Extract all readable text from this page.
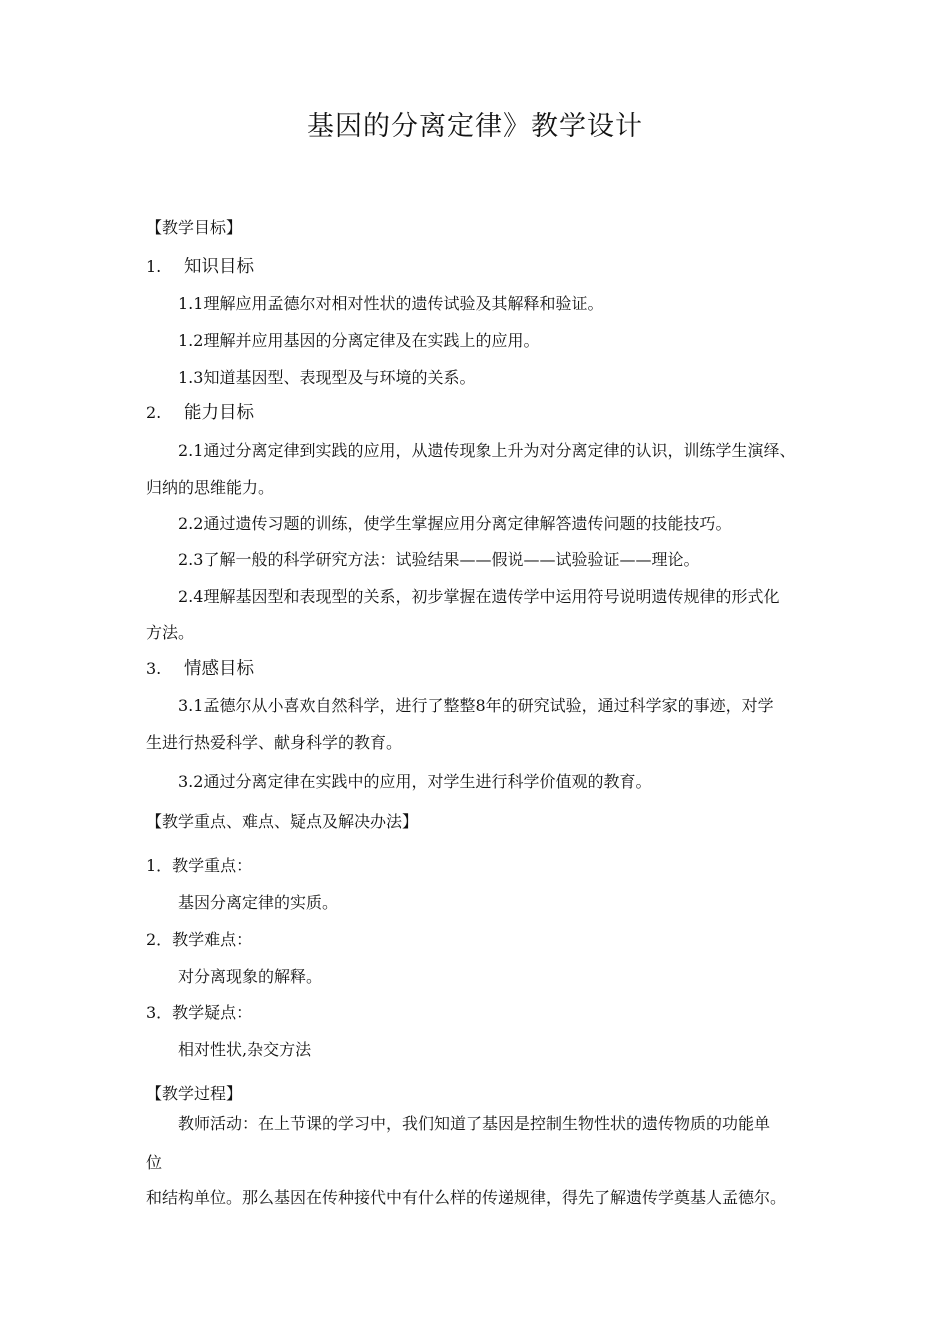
基因的分离定律》教学设计
【教学目标】
1. 知识目标
1.1理解应用孟德尔对相对性状的遗传试验及其解释和验证。
1.2理解并应用基因的分离定律及在实践上的应用。
1.3知道基因型、表现型及与环境的关系。
2. 能力目标
2.1通过分离定律到实践的应用，从遗传现象上升为对分离定律的认识，训练学生演绎、
归纳的思维能力。
2.2通过遗传习题的训练，使学生掌握应用分离定律解答遗传问题的技能技巧。
2.3了解一般的科学研究方法：试验结果——假说——试验验证——理论。
2.4理解基因型和表现型的关系，初步掌握在遗传学中运用符号说明遗传规律的形式化
方法。
3. 情感目标
3.1孟德尔从小喜欢自然科学，进行了整整8年的研究试验，通过科学家的事迹，对学
生进行热爱科学、献身科学的教育。
3.2通过分离定律在实践中的应用，对学生进行科学价值观的教育。
【教学重点、难点、疑点及解决办法】
1．教学重点：
基因分离定律的实质。
2．教学难点：
对分离现象的解释。
3．教学疑点：
相对性状,杂交方法
【教学过程】
教师活动：在上节课的学习中，我们知道了基因是控制生物性状的遗传物质的功能单
位
和结构单位。那么基因在传种接代中有什么样的传递规律，得先了解遗传学奠基人孟德尔。
